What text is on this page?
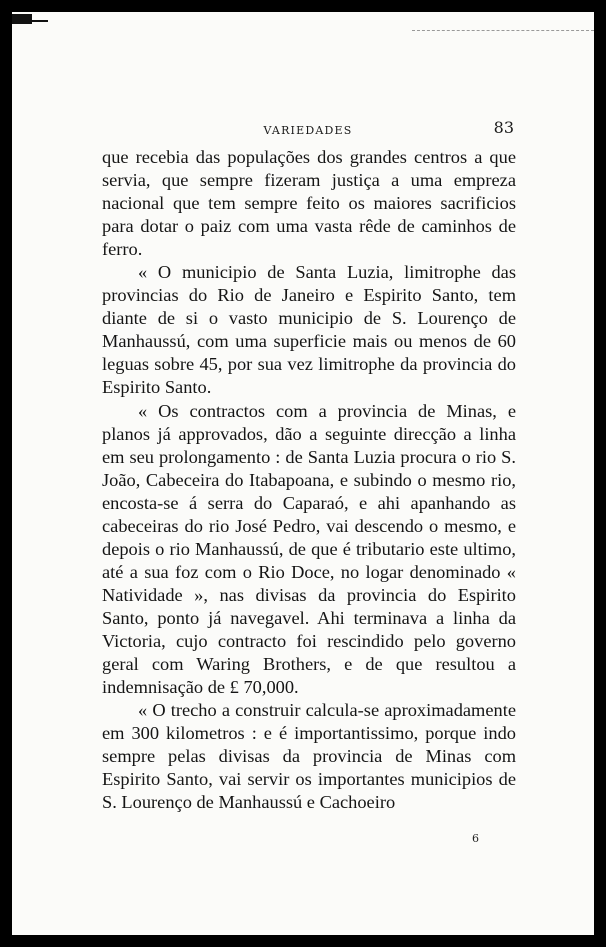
VARIEDADES	83

que recebia das populações dos grandes centros a que servia, que sempre fizeram justiça a uma empreza nacional que tem sempre feito os maiores sacrificios para dotar o paiz com uma vasta rêde de caminhos de ferro.

« O municipio de Santa Luzia, limitrophe das provincias do Rio de Janeiro e Espirito Santo, tem diante de si o vasto municipio de S. Lourenço de Manhaussú, com uma superficie mais ou menos de 60 leguas sobre 45, por sua vez limitrophe da provincia do Espirito Santo.

« Os contractos com a provincia de Minas, e planos já approvados, dão a seguinte direcção a linha em seu prolongamento : de Santa Luzia procura o rio S. João, Cabeceira do Itabapoana, e subindo o mesmo rio, encosta-se á serra do Caparaó, e ahi apanhando as cabeceiras do rio José Pedro, vai descendo o mesmo, e depois o rio Manhaussú, de que é tributario este ultimo, até a sua foz com o Rio Doce, no logar denominado « Natividade », nas divisas da provincia do Espirito Santo, ponto já navegavel. Ahi terminava a linha da Victoria, cujo contracto foi rescindido pelo governo geral com Waring Brothers, e de que resultou a indemnisação de £ 70,000.

« O trecho a construir calcula-se aproximadamente em 300 kilometros : e é importantissimo, porque indo sempre pelas divisas da provincia de Minas com Espirito Santo, vai servir os importantes municipios de S. Lourenço de Manhaussú e Cachoeiro

6
